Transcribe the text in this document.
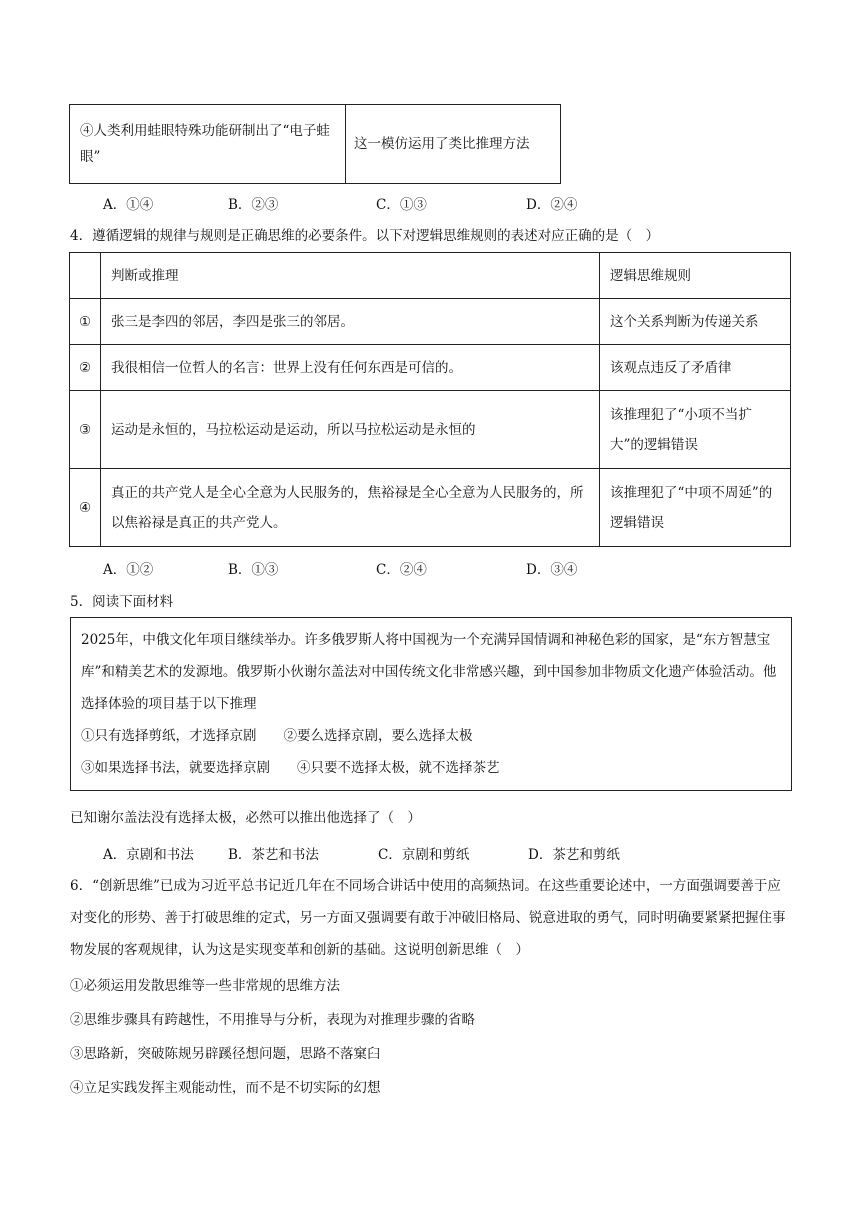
④人类利用蛙眼特殊功能研制出了“电子蛙眼”	这一模仿运用了类比推理方法
A．①④	B．②③	C．①③	D．②④
4．遵循逻辑的规律与规则是正确思维的必要条件。以下对逻辑思维规则的表述对应正确的是（　）
	判断或推理	逻辑思维规则
①	张三是李四的邻居，李四是张三的邻居。	这个关系判断为传递关系
②	我很相信一位哲人的名言：世界上没有任何东西是可信的。	该观点违反了矛盾律
③	运动是永恒的，马拉松运动是运动，所以马拉松运动是永恒的	该推理犯了“小项不当扩大”的逻辑错误
④	真正的共产党人是全心全意为人民服务的，焦裕禄是全心全意为人民服务的，所以焦裕禄是真正的共产党人。	该推理犯了“中项不周延”的逻辑错误
A．①②	B．①③	C．②④	D．③④
5．阅读下面材料

2025年，中俄文化年项目继续举办。许多俄罗斯人将中国视为一个充满异国情调和神秘色彩的国家，是“东方智慧宝库”和精美艺术的发源地。俄罗斯小伙谢尔盖法对中国传统文化非常感兴趣，到中国参加非物质文化遗产体验活动。他选择体验的项目基于以下推理

①只有选择剪纸，才选择京剧　　②要么选择京剧，要么选择太极

③如果选择书法，就要选择京剧　　④只要不选择太极，就不选择茶艺

已知谢尔盖法没有选择太极，必然可以推出他选择了（　）
A．京剧和书法	B．茶艺和书法	C．京剧和剪纸	D．茶艺和剪纸
6．“创新思维”已成为习近平总书记近几年在不同场合讲话中使用的高频热词。在这些重要论述中，一方面强调要善于应对变化的形势、善于打破思维的定式，另一方面又强调要有敢于冲破旧格局、锐意进取的勇气，同时明确要紧紧把握住事物发展的客观规律，认为这是实现变革和创新的基础。这说明创新思维（　）
①必须运用发散思维等一些非常规的思维方法
②思维步骤具有跨越性，不用推导与分析，表现为对推理步骤的省略
③思路新，突破陈规另辟蹊径想问题，思路不落窠臼
④立足实践发挥主观能动性，而不是不切实际的幻想
